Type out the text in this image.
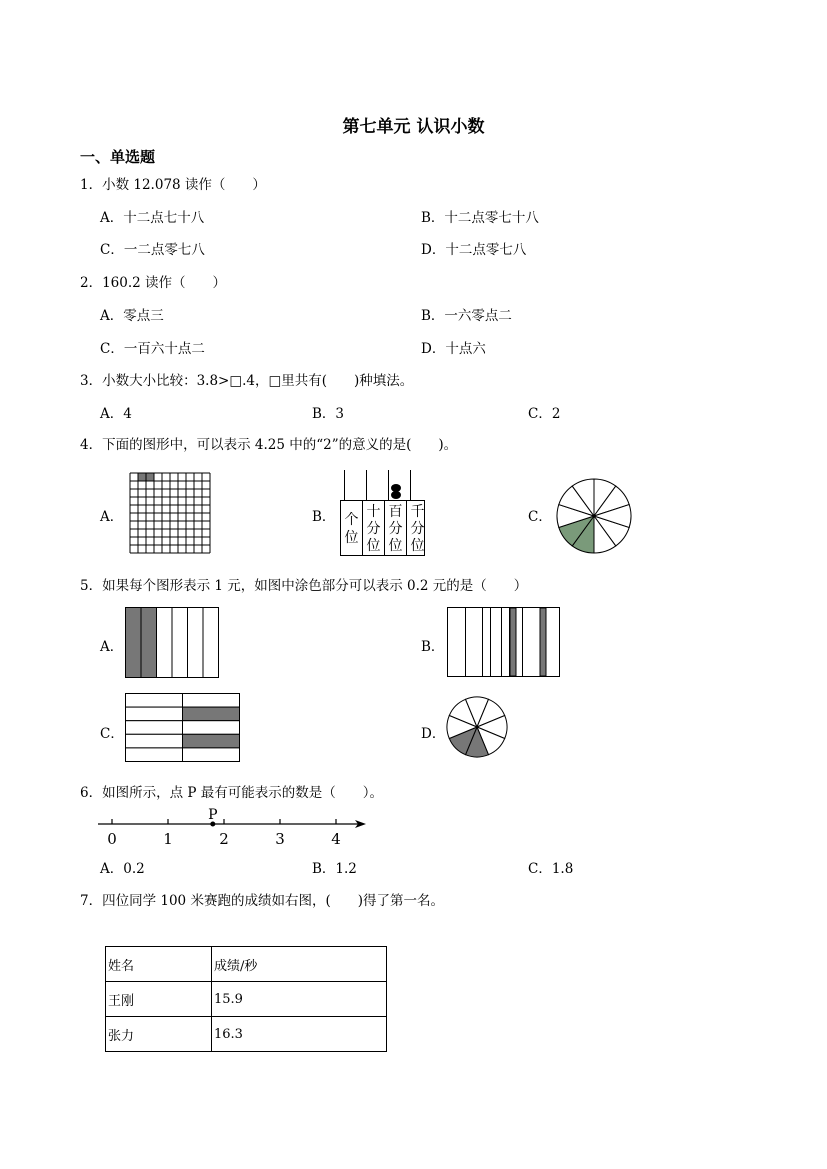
第七单元 认识小数
一、单选题
1．小数 12.078 读作（　　）
A．十二点七十八	B．十二点零七十八
C．一二点零七八	D．十二点零七八
2．160.2 读作（　　）
A．零点三	B．一六零点二
C．一百六十点二	D．十点六
3．小数大小比较：3.8>□.4，□里共有(　　)种填法。
A．4	B．3	C．2
4．下面的图形中，可以表示 4.25 中的“2”的意义的是(　　)。
A．	B．	C．
个
位
十
分
位
百
分
位
千
分
位
5．如果每个图形表示 1 元，如图中涂色部分可以表示 0.2 元的是（　　）
A．	B．
C．	D．
6．如图所示，点 P 最有可能表示的数是（　　）。
0	1	2	3	4
P
A．0.2	B．1.2	C．1.8
7．四位同学 100 米赛跑的成绩如右图，(　　)得了第一名。
姓名	成绩/秒
王刚	15.9
张力	16.3
